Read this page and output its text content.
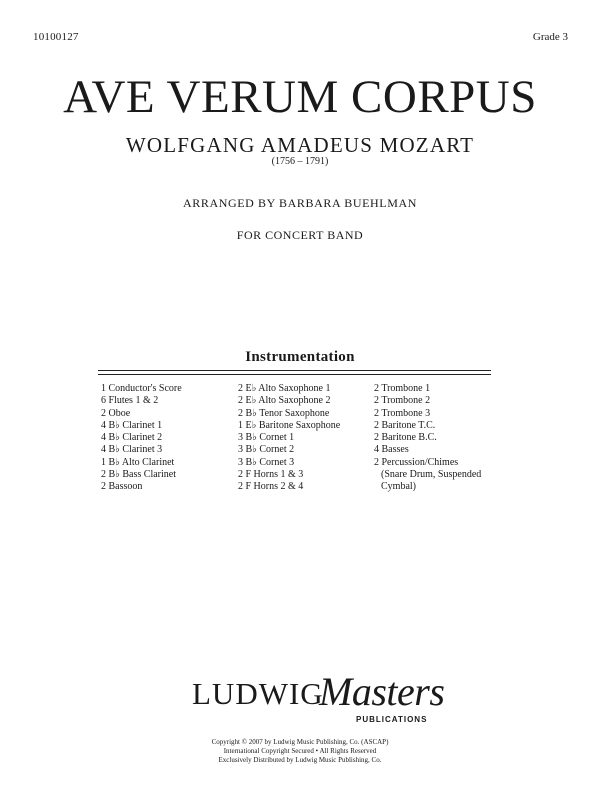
10100127	Grade 3
AVE VERUM CORPUS
WOLFGANG AMADEUS MOZART
(1756 – 1791)
ARRANGED BY BARBARA BUEHLMAN
FOR CONCERT BAND
Instrumentation
1 Conductor's Score
6 Flutes 1 & 2
2 Oboe
4 B♭ Clarinet 1
4 B♭ Clarinet 2
4 B♭ Clarinet 3
1 B♭ Alto Clarinet
2 B♭ Bass Clarinet
2 Bassoon
2 E♭ Alto Saxophone 1
2 E♭ Alto Saxophone 2
2 B♭ Tenor Saxophone
1 E♭ Baritone Saxophone
3 B♭ Cornet 1
3 B♭ Cornet 2
3 B♭ Cornet 3
2 F Horns 1 & 3
2 F Horns 2 & 4
2 Trombone 1
2 Trombone 2
2 Trombone 3
2 Baritone T.C.
2 Baritone B.C.
4 Basses
2 Percussion/Chimes
(Snare Drum, Suspended Cymbal)
LUDWIG
Masters
PUBLICATIONS
Copyright © 2007 by Ludwig Music Publishing, Co. (ASCAP)
International Copyright Secured • All Rights Reserved
Exclusively Distributed by Ludwig Music Publishing, Co.
